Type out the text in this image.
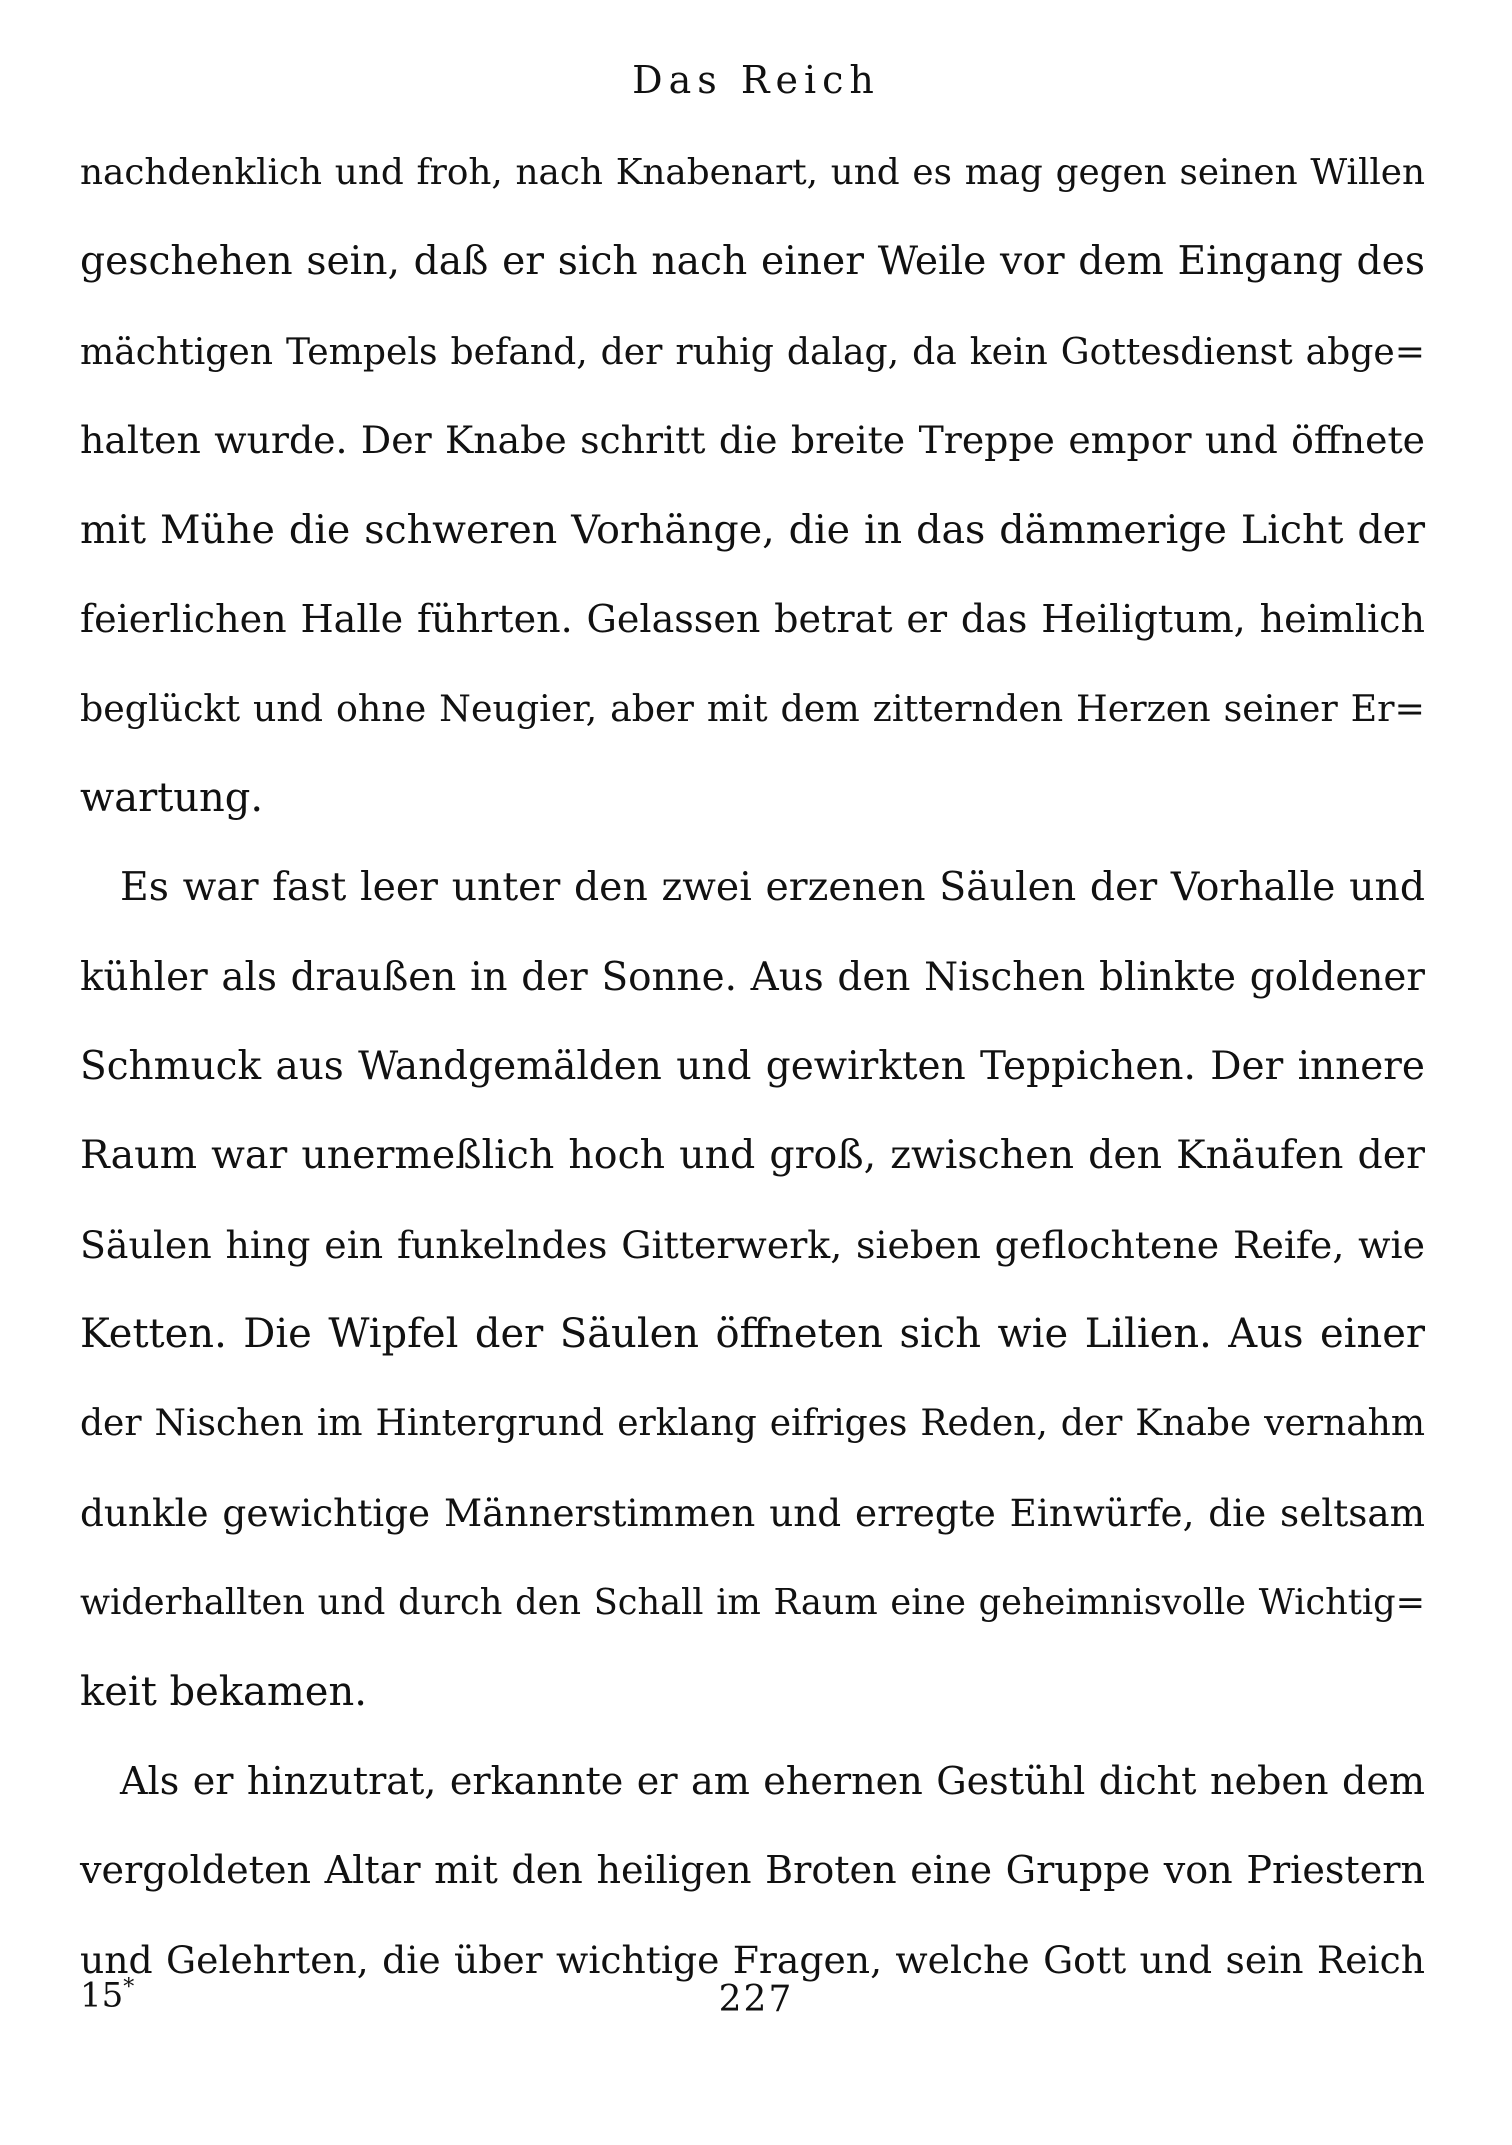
Das Reich
nachdenklich und froh, nach Knabenart, und es mag gegen seinen Willen
geschehen sein, daß er sich nach einer Weile vor dem Eingang des
mächtigen Tempels befand, der ruhig dalag, da kein Gottesdienst abge=
halten wurde. Der Knabe schritt die breite Treppe empor und öffnete
mit Mühe die schweren Vorhänge, die in das dämmerige Licht der
feierlichen Halle führten. Gelassen betrat er das Heiligtum, heimlich
beglückt und ohne Neugier, aber mit dem zitternden Herzen seiner Er=
wartung.
Es war fast leer unter den zwei erzenen Säulen der Vorhalle und
kühler als draußen in der Sonne. Aus den Nischen blinkte goldener
Schmuck aus Wandgemälden und gewirkten Teppichen. Der innere
Raum war unermeßlich hoch und groß, zwischen den Knäufen der
Säulen hing ein funkelndes Gitterwerk, sieben geflochtene Reife, wie
Ketten. Die Wipfel der Säulen öffneten sich wie Lilien. Aus einer
der Nischen im Hintergrund erklang eifriges Reden, der Knabe vernahm
dunkle gewichtige Männerstimmen und erregte Einwürfe, die seltsam
widerhallten und durch den Schall im Raum eine geheimnisvolle Wichtig=
keit bekamen.
Als er hinzutrat, erkannte er am ehernen Gestühl dicht neben dem
vergoldeten Altar mit den heiligen Broten eine Gruppe von Priestern
und Gelehrten, die über wichtige Fragen, welche Gott und sein Reich
15*	227
